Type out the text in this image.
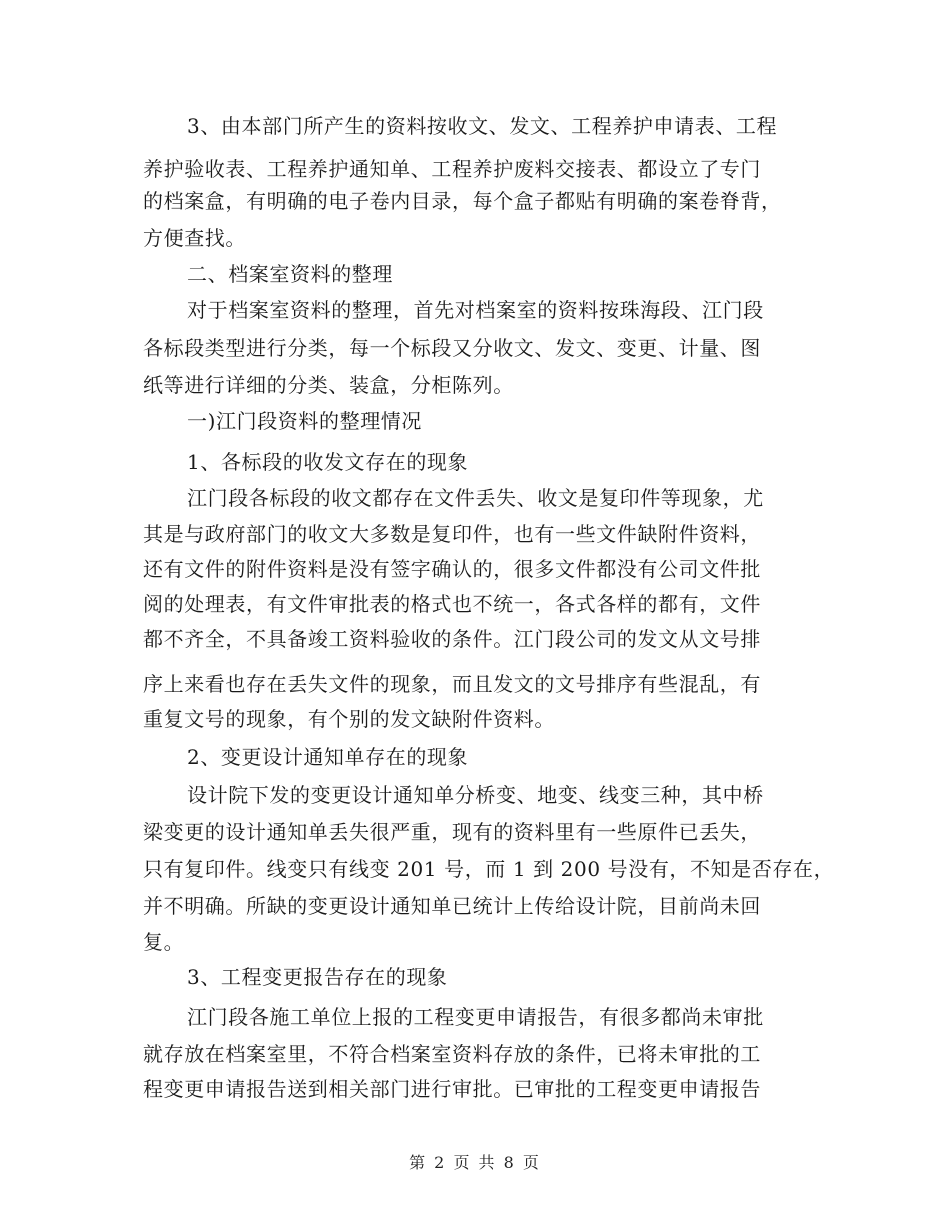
3、由本部门所产生的资料按收文、发文、工程养护申请表、工程
养护验收表、工程养护通知单、工程养护废料交接表、都设立了专门
的档案盒，有明确的电子卷内目录，每个盒子都贴有明确的案卷脊背，
方便查找。
二、档案室资料的整理
对于档案室资料的整理，首先对档案室的资料按珠海段、江门段
各标段类型进行分类，每一个标段又分收文、发文、变更、计量、图
纸等进行详细的分类、装盒，分柜陈列。
一)江门段资料的整理情况
1、各标段的收发文存在的现象
江门段各标段的收文都存在文件丢失、收文是复印件等现象，尤
其是与政府部门的收文大多数是复印件，也有一些文件缺附件资料，
还有文件的附件资料是没有签字确认的，很多文件都没有公司文件批
阅的处理表，有文件审批表的格式也不统一，各式各样的都有，文件
都不齐全，不具备竣工资料验收的条件。江门段公司的发文从文号排
序上来看也存在丢失文件的现象，而且发文的文号排序有些混乱，有
重复文号的现象，有个别的发文缺附件资料。
2、变更设计通知单存在的现象
设计院下发的变更设计通知单分桥变、地变、线变三种，其中桥
梁变更的设计通知单丢失很严重，现有的资料里有一些原件已丢失，
只有复印件。线变只有线变 201 号，而 1 到 200 号没有，不知是否存在，
并不明确。所缺的变更设计通知单已统计上传给设计院，目前尚未回
复。
3、工程变更报告存在的现象
江门段各施工单位上报的工程变更申请报告，有很多都尚未审批
就存放在档案室里，不符合档案室资料存放的条件，已将未审批的工
程变更申请报告送到相关部门进行审批。已审批的工程变更申请报告
第 2 页 共 8 页
